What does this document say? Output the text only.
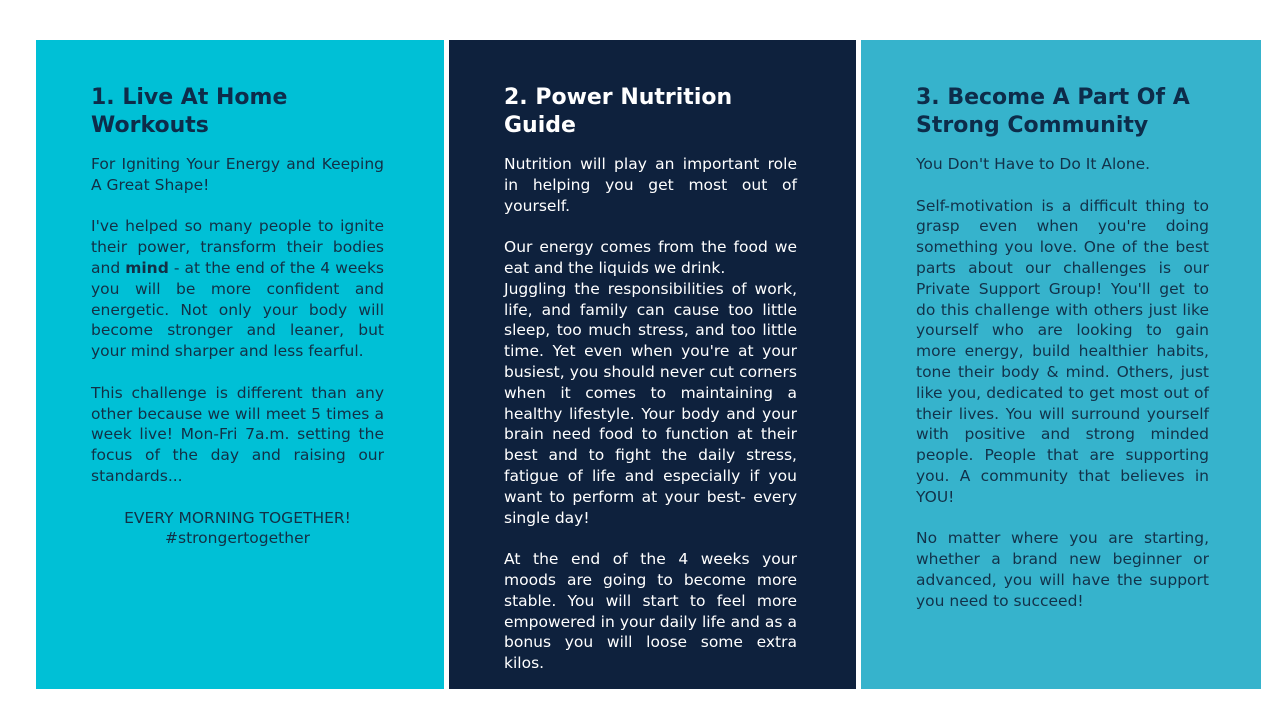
1. Live At Home Workouts

For Igniting Your Energy and Keeping A Great Shape!

I've helped so many people to ignite their power, transform their bodies and mind - at the end of the 4 weeks you will be more confident and energetic. Not only your body will become stronger and leaner, but your mind sharper and less fearful.

This challenge is different than any other because we will meet 5 times a week live! Mon-Fri 7a.m. setting the focus of the day and raising our standards...

EVERY MORNING TOGETHER!
#strongertogether
2. Power Nutrition Guide

Nutrition will play an important role in helping you get most out of yourself.

Our energy comes from the food we eat and the liquids we drink.

Juggling the responsibilities of work, life, and family can cause too little sleep, too much stress, and too little time. Yet even when you're at your busiest, you should never cut corners when it comes to maintaining a healthy lifestyle. Your body and your brain need food to function at their best and to fight the daily stress, fatigue of life and especially if you want to perform at your best- every single day!

At the end of the 4 weeks your moods are going to become more stable. You will start to feel more empowered in your daily life and as a bonus you will loose some extra kilos.

3. Become A Part Of A Strong Community

You Don't Have to Do It Alone.

Self-motivation is a difficult thing to grasp even when you're doing something you love. One of the best parts about our challenges is our Private Support Group! You'll get to do this challenge with others just like yourself who are looking to gain more energy, build healthier habits, tone their body & mind. Others, just like you, dedicated to get most out of their lives. You will surround yourself with positive and strong minded people. People that are supporting you. A community that believes in YOU!

No matter where you are starting, whether a brand new beginner or advanced, you will have the support you need to succeed!
